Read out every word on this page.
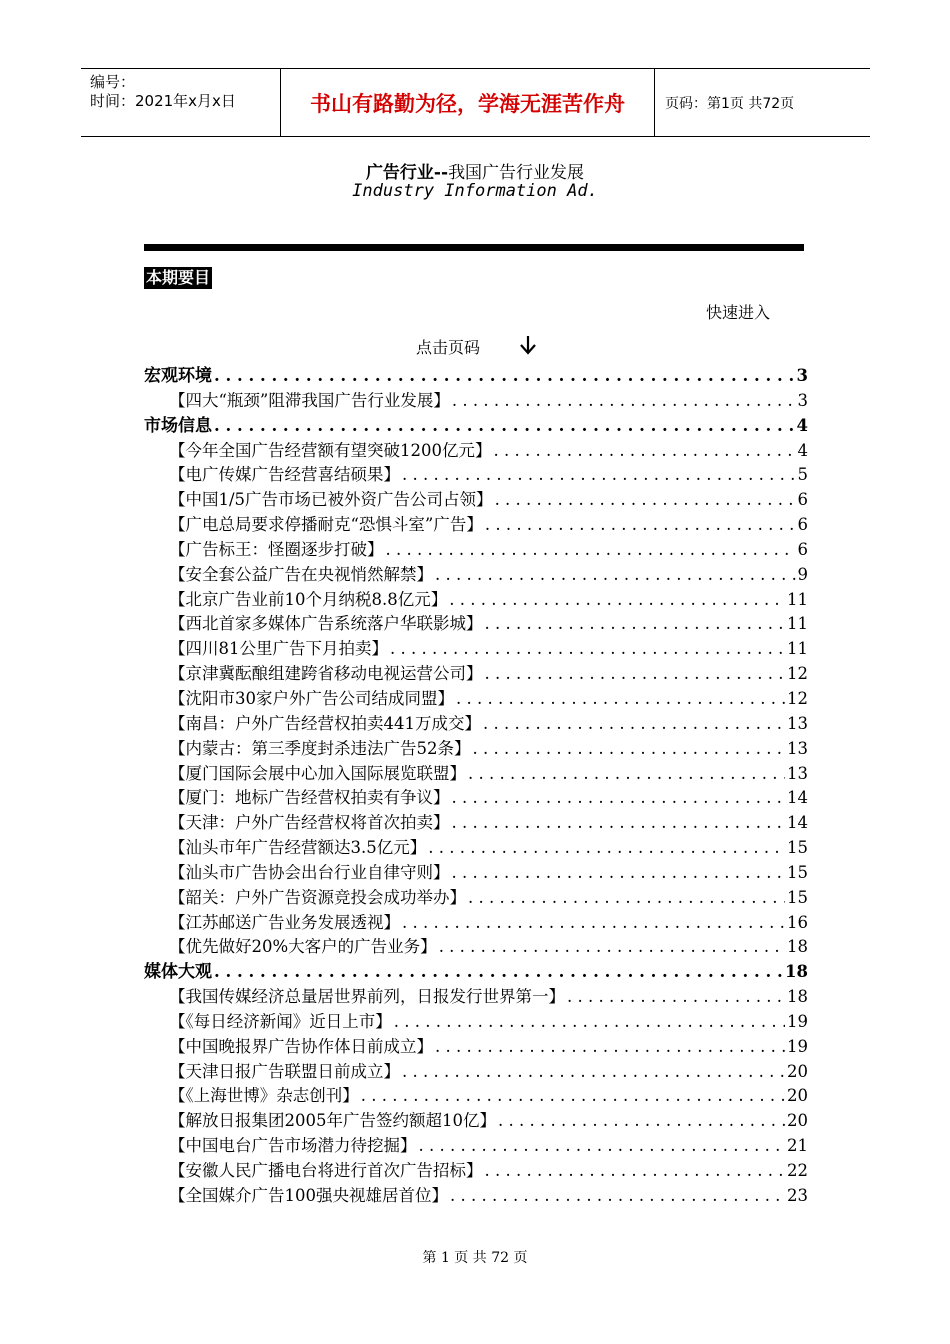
编号：
时间：2021年x月x日	书山有路勤为径，学海无涯苦作舟	页码：第1页 共72页
广告行业--我国广告行业发展
Industry Information Ad.
本期要目
快速进入
点击页码
宏观环境 . . .	3
【四大“瓶颈”阻滞我国广告行业发展】 . . .	3
市场信息 . . .	4
【今年全国广告经营额有望突破1200亿元】 . . .	4
【电广传媒广告经营喜结硕果】 . . .	5
【中国1/5广告市场已被外资广告公司占领】 . . .	6
【广电总局要求停播耐克“恐惧斗室”广告】 . . .	6
【广告标王：怪圈逐步打破】 . . .	6
【安全套公益广告在央视悄然解禁】 . . .	9
【北京广告业前10个月纳税8.8亿元】 . . .	11
【西北首家多媒体广告系统落户华联影城】 . . .	11
【四川81公里广告下月拍卖】 . . .	11
【京津冀酝酿组建跨省移动电视运营公司】 . . .	12
【沈阳市30家户外广告公司结成同盟】 . . .	12
【南昌：户外广告经营权拍卖441万成交】 . . .	13
【内蒙古：第三季度封杀违法广告52条】 . . .	13
【厦门国际会展中心加入国际展览联盟】 . . .	13
【厦门：地标广告经营权拍卖有争议】 . . .	14
【天津：户外广告经营权将首次拍卖】 . . .	14
【汕头市年广告经营额达3.5亿元】 . . .	15
【汕头市广告协会出台行业自律守则】 . . .	15
【韶关：户外广告资源竞投会成功举办】 . . .	15
【江苏邮送广告业务发展透视】 . . .	16
【优先做好20%大客户的广告业务】 . . .	18
媒体大观 . . .	18
【我国传媒经济总量居世界前列，日报发行世界第一】 . . .	18
【《每日经济新闻》近日上市】 . . .	19
【中国晚报界广告协作体日前成立】 . . .	19
【天津日报广告联盟日前成立】 . . .	20
【《上海世博》杂志创刊】 . . .	20
【解放日报集团2005年广告签约额超10亿】 . . .	20
【中国电台广告市场潜力待挖掘】 . . .	21
【安徽人民广播电台将进行首次广告招标】 . . .	22
【全国媒介广告100强央视雄居首位】 . . .	23
第 1 页 共 72 页
